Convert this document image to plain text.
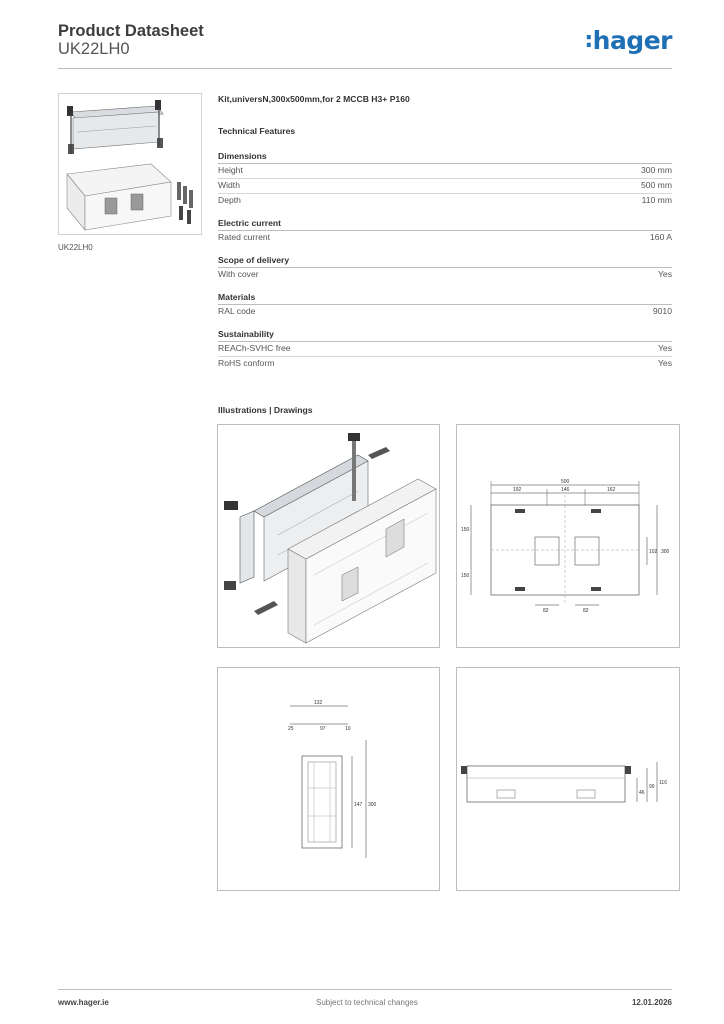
Product Datasheet
UK22LH0	:hager
UK22LH0
Kit,universN,300x500mm,for 2 MCCB H3+ P160
Technical Features
Dimensions
Height	300 mm
Width	500 mm
Depth	110 mm
Electric current
Rated current	160 A
Scope of delivery
With cover	Yes
Materials
RAL code	9010
Sustainability
REACh-SVHC free	Yes
RoHS conform	Yes
Illustrations | Drawings
500
192	146	162
150
150
300
102
82	82
132
25	97	10
147 300
46
99
116
www.hager.ie	Subject to technical changes	12.01.2026
